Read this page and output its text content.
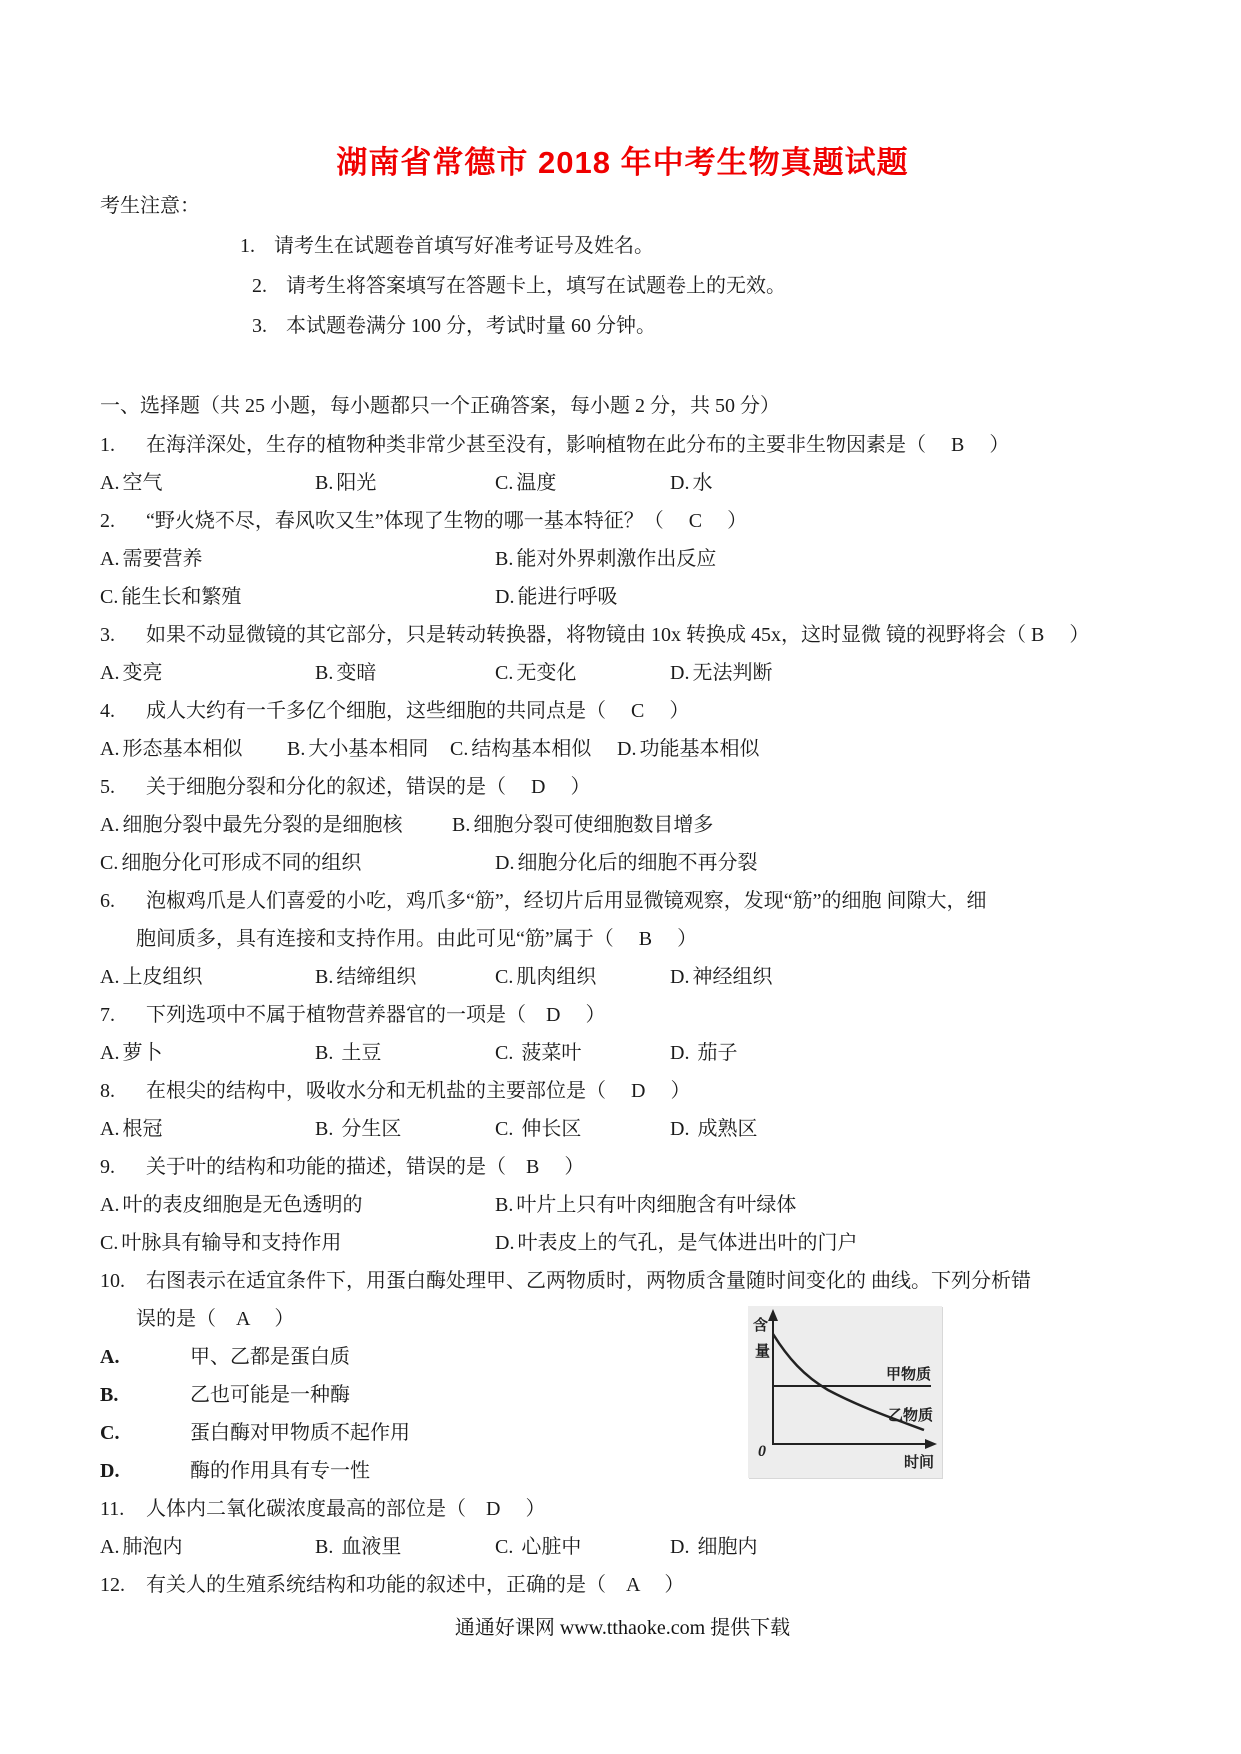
湖南省常德市 2018 年中考生物真题试题
考生注意：
1. 请考生在试题卷首填写好准考证号及姓名。
2. 请考生将答案填写在答题卡上，填写在试题卷上的无效。
3. 本试题卷满分 100 分，考试时量 60 分钟。
一、选择题（共 25 小题，每小题都只一个正确答案，每小题 2 分，共 50 分）
1. 在海洋深处，生存的植物种类非常少甚至没有，影响植物在此分布的主要非生物因素是（　 B 　）
A. 空气	B. 阳光	C. 温度	D. 水
2. “野火烧不尽，春风吹又生”体现了生物的哪一基本特征？（　 C 　）
A. 需要营养	B. 能对外界刺激作出反应
C. 能生长和繁殖	D. 能进行呼吸
3. 如果不动显微镜的其它部分，只是转动转换器，将物镜由 10x 转换成 45x，这时显微 镜的视野将会（ B 　）
A. 变亮	B. 变暗	C. 无变化	D. 无法判断
4. 成人大约有一千多亿个细胞，这些细胞的共同点是（　 C 　）
A. 形态基本相似	B. 大小基本相同	C. 结构基本相似	D. 功能基本相似
5. 关于细胞分裂和分化的叙述，错误的是（　 D 　）
A. 细胞分裂中最先分裂的是细胞核	B. 细胞分裂可使细胞数目增多
C. 细胞分化可形成不同的组织	D. 细胞分化后的细胞不再分裂
6. 泡椒鸡爪是人们喜爱的小吃，鸡爪多“筋”，经切片后用显微镜观察，发现“筋”的细胞 间隙大，细
胞间质多，具有连接和支持作用。由此可见“筋”属于（　 B 　）
A. 上皮组织	B. 结缔组织	C. 肌肉组织	D. 神经组织
7. 下列选项中不属于植物营养器官的一项是（　D 　）
A. 萝卜	B. 土豆	C. 菠菜叶	D. 茄子
8. 在根尖的结构中，吸收水分和无机盐的主要部位是（　 D 　）
A. 根冠	B. 分生区	C. 伸长区	D. 成熟区
9. 关于叶的结构和功能的描述，错误的是（　B 　）
A. 叶的表皮细胞是无色透明的	B. 叶片上只有叶肉细胞含有叶绿体
C. 叶脉具有输导和支持作用	D. 叶表皮上的气孔，是气体进出叶的门户
10. 右图表示在适宜条件下，用蛋白酶处理甲、乙两物质时，两物质含量随时间变化的 曲线。下列分析错
误的是（　A 　）
A.	甲、乙都是蛋白质
B.	乙也可能是一种酶
C.	蛋白酶对甲物质不起作用
D.	酶的作用具有专一性
含
量
0
时间
甲物质
乙物质
11. 人体内二氧化碳浓度最高的部位是（　D 　）
A. 肺泡内	B. 血液里	C. 心脏中	D. 细胞内
12. 有关人的生殖系统结构和功能的叙述中，正确的是（　A 　）
通通好课网 www.tthaoke.com 提供下载
